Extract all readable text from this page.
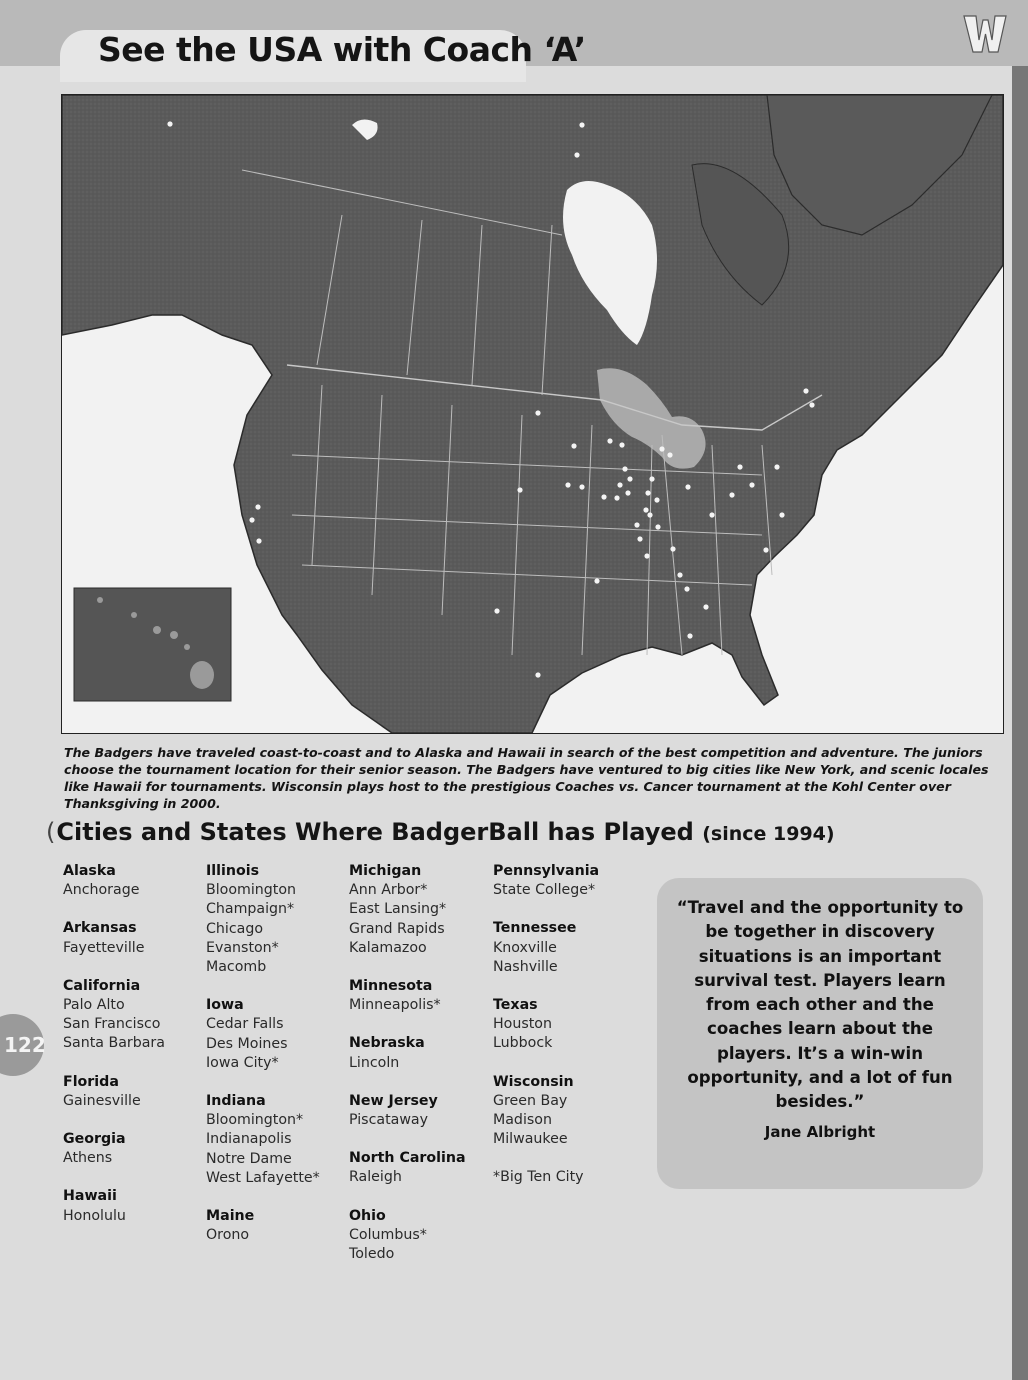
See the USA with Coach ‘A’	W
The Badgers have traveled coast-to-coast and to Alaska and Hawaii in search of the best competition and adventure. The juniors choose the tournament location for their senior season. The Badgers have ventured to big cities like New York, and scenic locales like Hawaii for tournaments. Wisconsin plays host to the prestigious Coaches vs. Cancer tournament at the Kohl Center over Thanksgiving in 2000.
(Cities and States Where BadgerBall has Played (since 1994)
Alaska
Anchorage
Arkansas
Fayetteville
California
Palo Alto
San Francisco
Santa Barbara
Florida
Gainesville
Georgia
Athens
Hawaii
Honolulu
Illinois
Bloomington
Champaign*
Chicago
Evanston*
Macomb
Iowa
Cedar Falls
Des Moines
Iowa City*
Indiana
Bloomington*
Indianapolis
Notre Dame
West Lafayette*
Maine
Orono
Michigan
Ann Arbor*
East Lansing*
Grand Rapids
Kalamazoo
Minnesota
Minneapolis*
Nebraska
Lincoln
New Jersey
Piscataway
North Carolina
Raleigh
Ohio
Columbus*
Toledo
Pennsylvania
State College*
Tennessee
Knoxville
Nashville
Texas
Houston
Lubbock
Wisconsin
Green Bay
Madison
Milwaukee
*Big Ten City
“Travel and the opportunity to be together in discovery situations is an important survival test. Players learn from each other and the coaches learn about the players. It’s a win-win opportunity, and a lot of fun besides.”
Jane Albright
122
